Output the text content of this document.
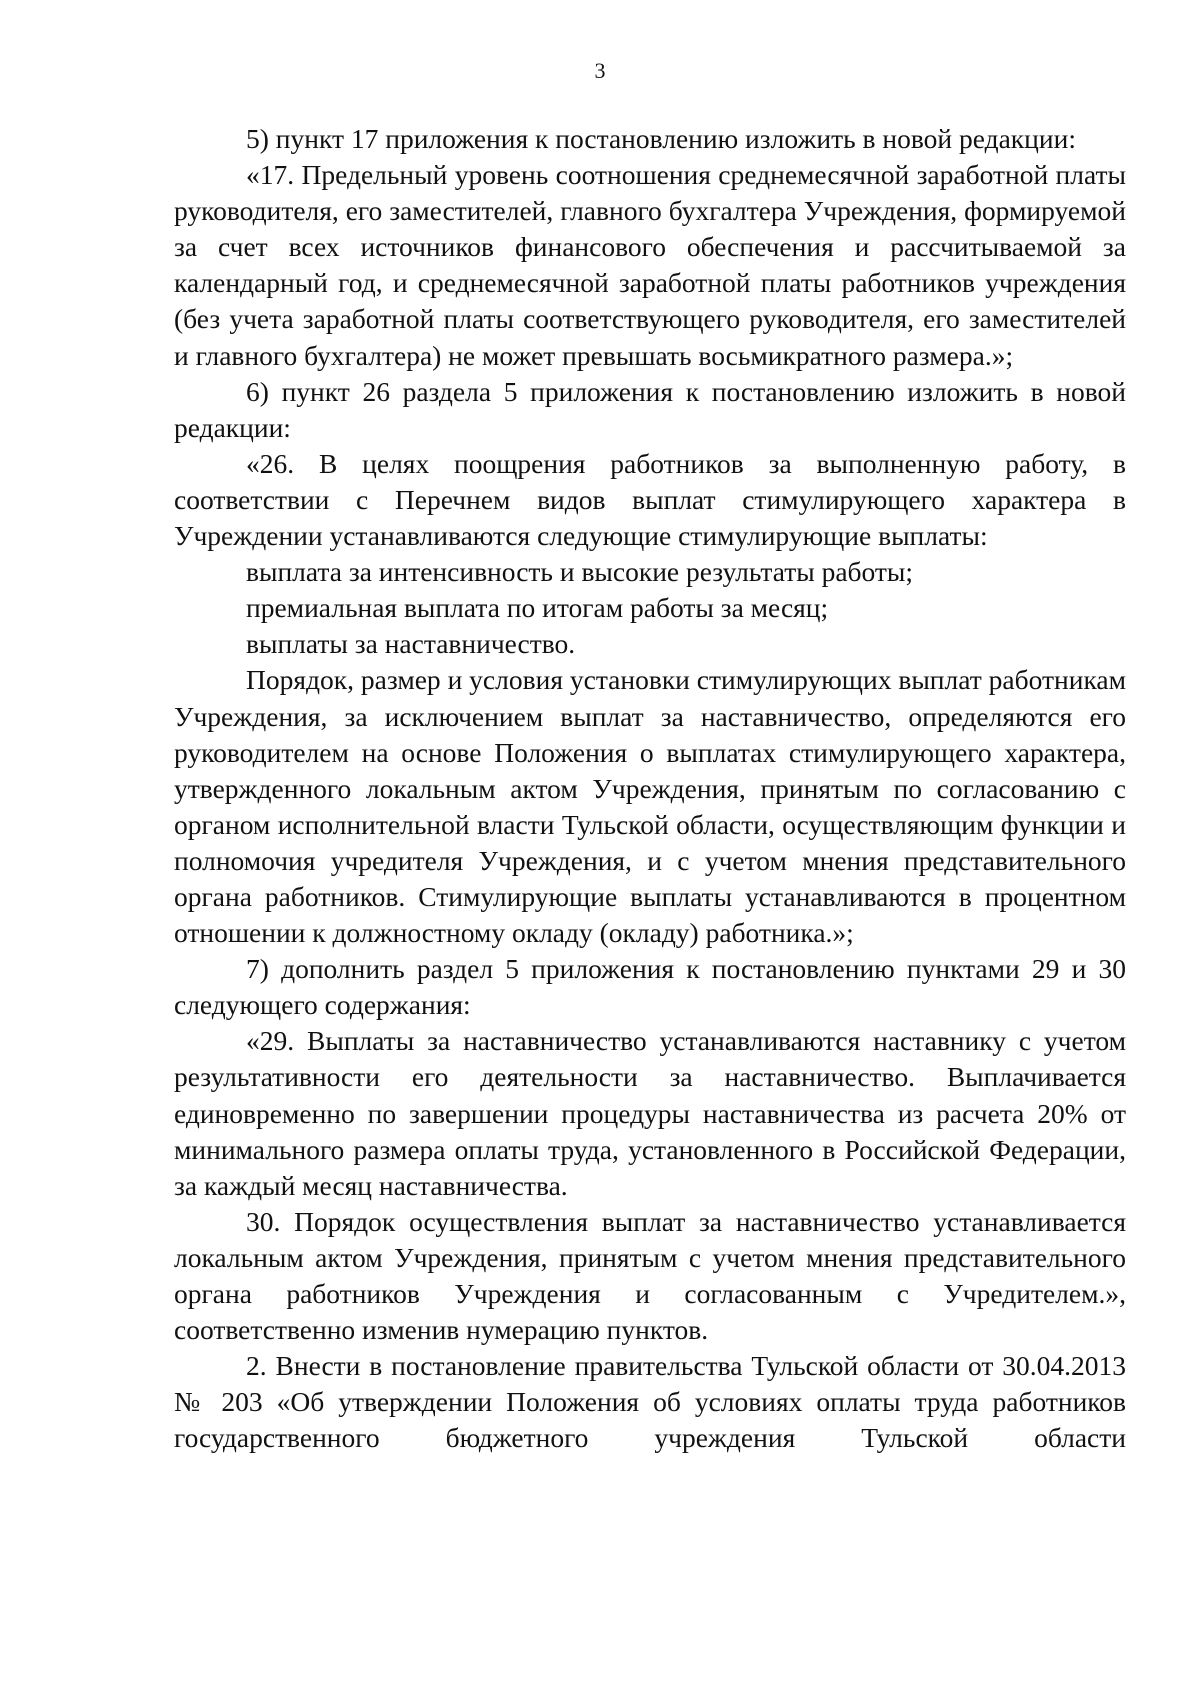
3

5) пункт 17 приложения к постановлению изложить в новой редакции:

«17. Предельный уровень соотношения среднемесячной заработной платы руководителя, его заместителей, главного бухгалтера Учреждения, формируемой за счет всех источников финансового обеспечения и рассчитываемой за календарный год, и среднемесячной заработной платы работников учреждения (без учета заработной платы соответствующего руководителя, его заместителей и главного бухгалтера) не может превышать восьмикратного размера.»;

6) пункт 26 раздела 5 приложения к постановлению изложить в новой редакции:

«26. В целях поощрения работников за выполненную работу, в соответствии с Перечнем видов выплат стимулирующего характера в Учреждении устанавливаются следующие стимулирующие выплаты:

выплата за интенсивность и высокие результаты работы;

премиальная выплата по итогам работы за месяц;

выплаты за наставничество.

Порядок, размер и условия установки стимулирующих выплат работникам Учреждения, за исключением выплат за наставничество, определяются его руководителем на основе Положения о выплатах стимулирующего характера, утвержденного локальным актом Учреждения, принятым по согласованию с органом исполнительной власти Тульской области, осуществляющим функции и полномочия учредителя Учреждения, и с учетом мнения представительного органа работников. Стимулирующие выплаты устанавливаются в процентном отношении к должностному окладу (окладу) работника.»;

7) дополнить раздел 5 приложения к постановлению пунктами 29 и 30 следующего содержания:

«29. Выплаты за наставничество устанавливаются наставнику с учетом результативности его деятельности за наставничество. Выплачивается единовременно по завершении процедуры наставничества из расчета 20% от минимального размера оплаты труда, установленного в Российской Федерации, за каждый месяц наставничества.

30. Порядок осуществления выплат за наставничество устанавливается локальным актом Учреждения, принятым с учетом мнения представительного органа работников Учреждения и согласованным с Учредителем.», соответственно изменив нумерацию пунктов.

2. Внести в постановление правительства Тульской области от 30.04.2013 № 203 «Об утверждении Положения об условиях оплаты труда работников государственного бюджетного учреждения Тульской области
